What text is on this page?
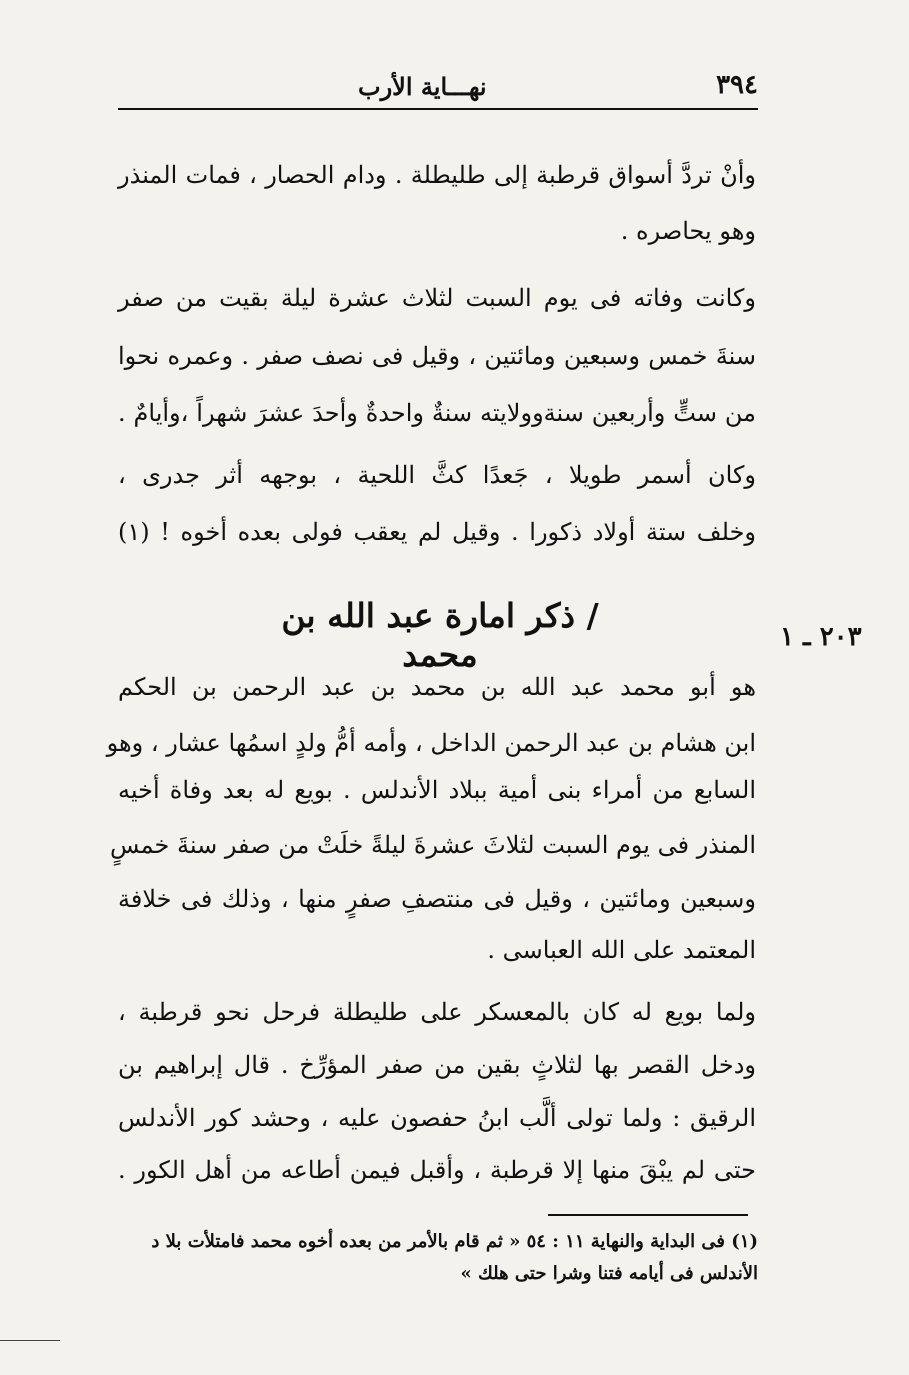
٣٩٤
نهـــاية الأرب
وأنْ تردَّ أسواق قرطبة إلى طليطلة . ودام الحصار ، فمات المنذر
وهو يحاصره .
وكانت وفاته فى يوم السبت لثلاث عشرة ليلة بقيت من صفر
سنةَ خمس وسبعين ومائتين ، وقيل فى نصف صفر . وعمره نحوا
من ستٍّ وأربعين سنةوولايته سنةٌ واحدةٌ وأحدَ عشرَ شهراً ،وأيامٌ .
وكان أسمر طويلا ، جَعدًا كثَّ اللحية ، بوجهه أثر جدرى ،
وخلف ستة أولاد ذكورا . وقيل لم يعقب فولى بعده أخوه ! (١)
/ ذكر امارة عبد الله بن محمد	٢٠٣ ـ ١
هو أبو محمد عبد الله بن محمد بن عبد الرحمن بن الحكم
ابن هشام بن عبد الرحمن الداخل ، وأمه أمُّ ولدٍ اسمُها عشار ، وهو
السابع من أمراء بنى أمية ببلاد الأندلس . بويع له بعد وفاة أخيه
المنذر فى يوم السبت لثلاثَ عشرةَ ليلةً خلَتْ من صفر سنةَ خمسٍ
وسبعين ومائتين ، وقيل فى منتصفِ صفرٍ منها ، وذلك فى خلافة
المعتمد على الله العباسى .
ولما بويع له كان بالمعسكر على طليطلة فرحل نحو قرطبة ،
ودخل القصر بها لثلاثٍ بقين من صفر المؤرِّخ . قال إبراهيم بن
الرقيق : ولما تولى ألَّب ابنُ حفصون عليه ، وحشد كور الأندلس
حتى لم يبْقَ منها إلا قرطبة ، وأقبل فيمن أطاعه من أهل الكور .
(١) فى البداية والنهاية ١١ : ٥٤ « ثم قام بالأمر من بعده أخوه محمد فامتلأت بلا د
الأندلس فى أيامه فتنا وشرا حتى هلك »
